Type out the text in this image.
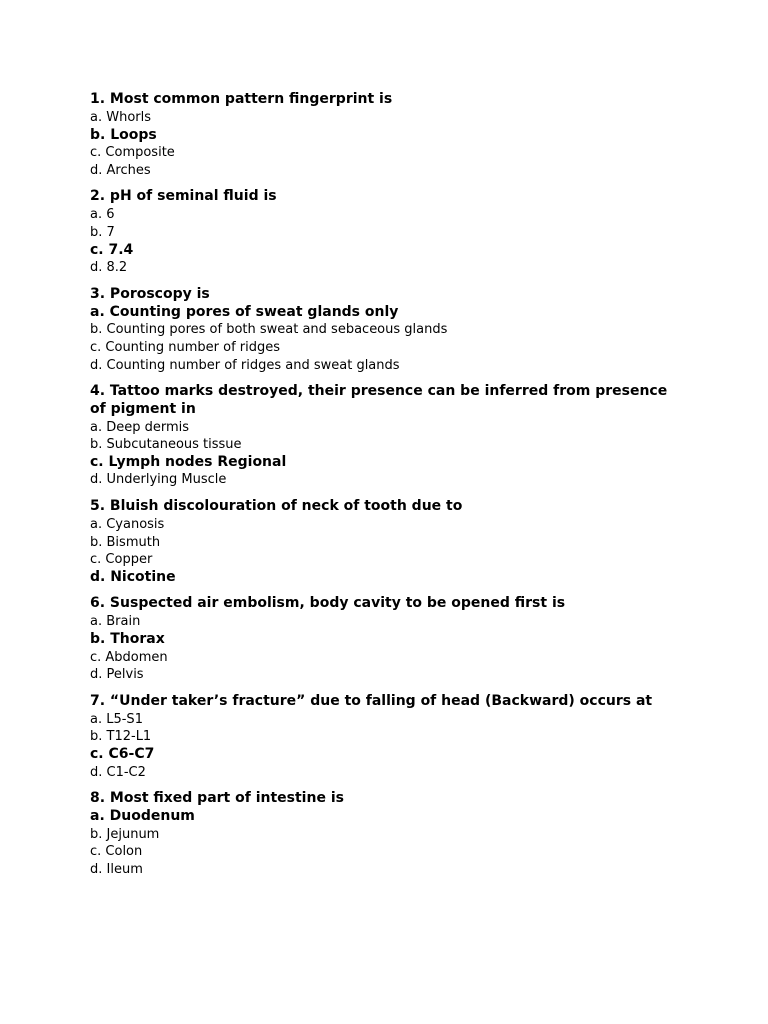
1. Most common pattern fingerprint is
a. Whorls
b. Loops
c. Composite
d. Arches
2. pH of seminal fluid is
a. 6
b. 7
c. 7.4
d. 8.2
3. Poroscopy is
a. Counting pores of sweat glands only
b. Counting pores of both sweat and sebaceous glands
c. Counting number of ridges
d. Counting number of ridges and sweat glands
4. Tattoo marks destroyed, their presence can be inferred from presence of pigment in
a. Deep dermis
b. Subcutaneous tissue
c. Lymph nodes Regional
d. Underlying Muscle
5. Bluish discolouration of neck of tooth due to
a. Cyanosis
b. Bismuth
c. Copper
d. Nicotine
6. Suspected air embolism, body cavity to be opened first is
a. Brain
b. Thorax
c. Abdomen
d. Pelvis
7. “Under taker’s fracture” due to falling of head (Backward) occurs at
a. L5-S1
b. T12-L1
c. C6-C7
d. C1-C2
8. Most fixed part of intestine is
a. Duodenum
b. Jejunum
c. Colon
d. Ileum
